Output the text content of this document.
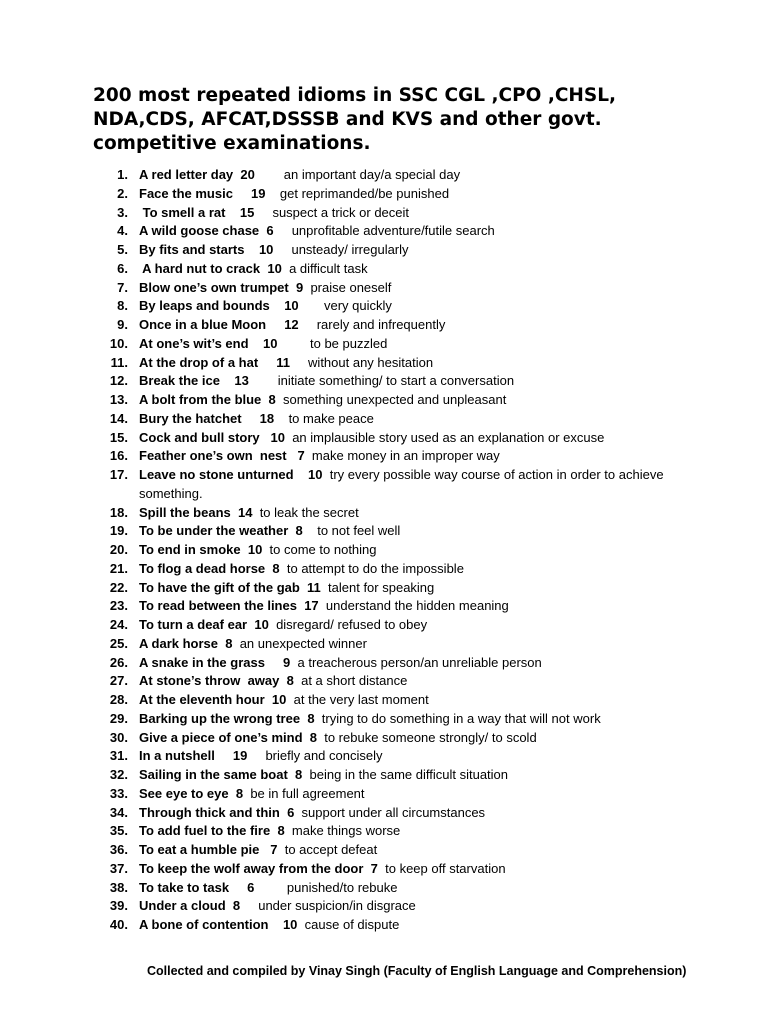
200 most repeated idioms in SSC CGL ,CPO ,CHSL, NDA,CDS, AFCAT,DSSSB and KVS and other govt. competitive examinations.
1. A red letter day 20 an important day/a special day
2. Face the music 19 get reprimanded/be punished
3. To smell a rat 15 suspect a trick or deceit
4. A wild goose chase 6 unprofitable adventure/futile search
5. By fits and starts 10 unsteady/ irregularly
6. A hard nut to crack 10 a difficult task
7. Blow one’s own trumpet 9 praise oneself
8. By leaps and bounds 10 very quickly
9. Once in a blue Moon 12 rarely and infrequently
10. At one’s wit’s end 10	to be puzzled
11. At the drop of a hat 11 without any hesitation
12. Break the ice 13 initiate something/ to start a conversation
13. A bolt from the blue 8 something unexpected and unpleasant
14. Bury the hatchet 18 to make peace
15. Cock and bull story 10 an implausible story used as an explanation or excuse
16. Feather one’s own  nest 7 make money in an improper way
17. Leave no stone unturned 10 try every possible way course of action in order to achieve something.
18. Spill the beans 14 to leak the secret
19. To be under the weather 8 to not feel well
20. To end in smoke 10 to come to nothing
21. To flog a dead horse 8 to attempt to do the impossible
22. To have the gift of the gab 11 talent for speaking
23. To read between the lines 17 understand the hidden meaning
24. To turn a deaf ear 10 disregard/ refused to obey
25. A dark horse 8 an unexpected winner
26. A snake in the grass 9 a treacherous person/an unreliable person
27. At stone’s throw  away 8 at a short distance
28. At the eleventh hour 10 at the very last moment
29. Barking up the wrong tree 8 trying to do something in a way that will not work
30. Give a piece of one’s mind 8 to rebuke someone strongly/ to scold
31. In a nutshell 19 briefly and concisely
32. Sailing in the same boat 8 being in the same difficult situation
33. See eye to eye 8 be in full agreement
34. Through thick and thin 6 support under all circumstances
35. To add fuel to the fire 8 make things worse
36. To eat a humble pie 7 to accept defeat
37. To keep the wolf away from the door 7 to keep off starvation
38. To take to task 6	punished/to rebuke
39. Under a cloud 8 under suspicion/in disgrace
40. A bone of contention 10 cause of dispute

Collected and compiled by Vinay Singh (Faculty of English Language and Comprehension)
